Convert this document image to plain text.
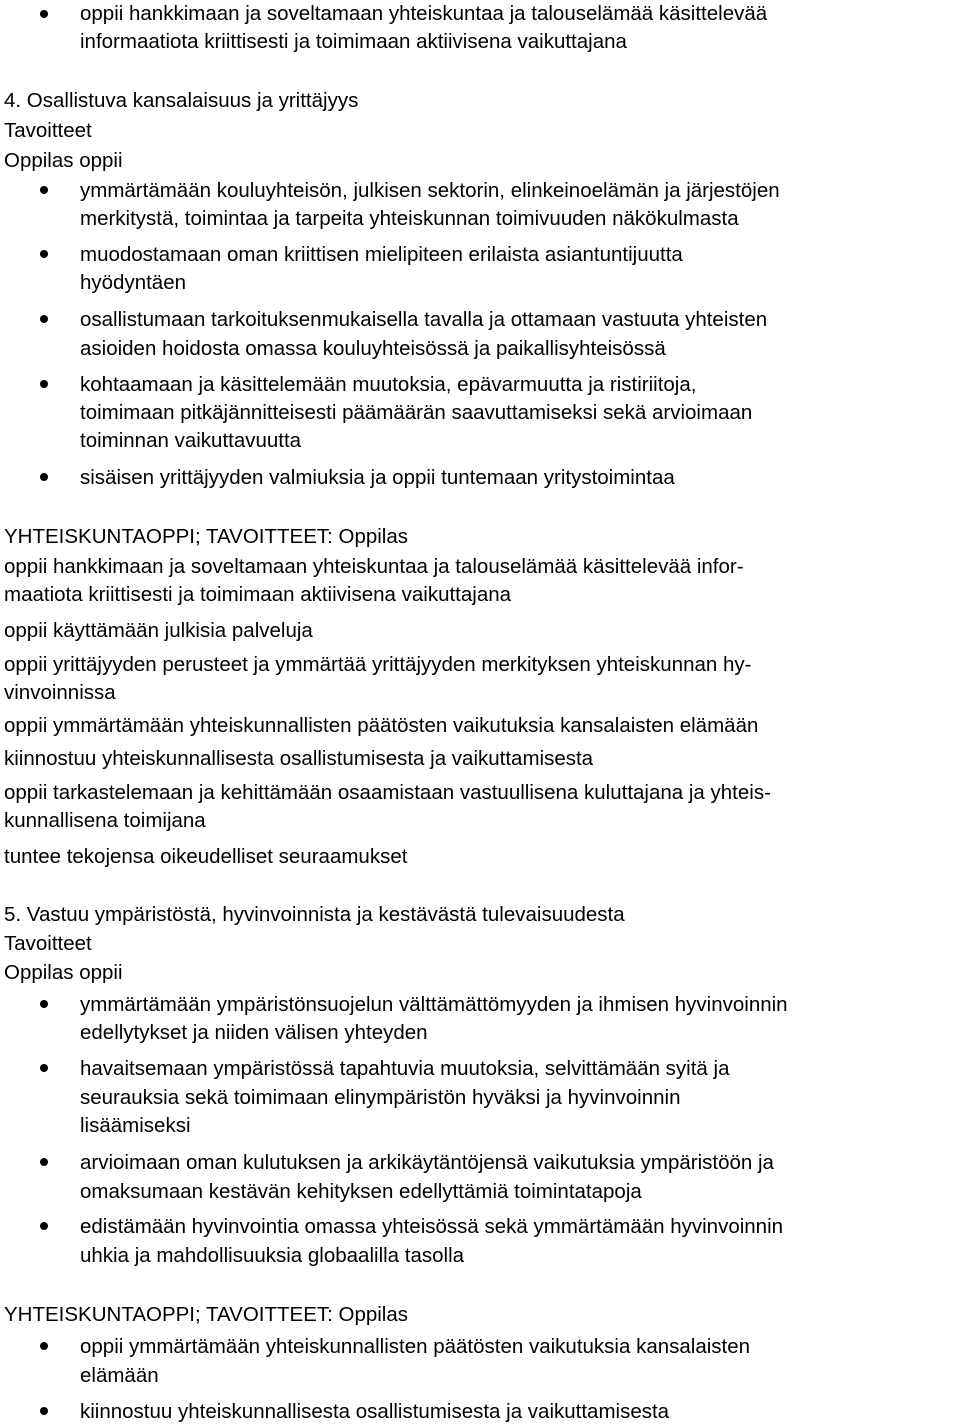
oppii hankkimaan ja soveltamaan yhteiskuntaa ja talouselämää käsittelevää
informaatiota kriittisesti ja toimimaan aktiivisena vaikuttajana
4. Osallistuva kansalaisuus ja yrittäjyys
Tavoitteet
Oppilas oppii
ymmärtämään kouluyhteisön, julkisen sektorin, elinkeinoelämän ja järjestöjen
merkitystä, toimintaa ja tarpeita yhteiskunnan toimivuuden näkökulmasta
muodostamaan oman kriittisen mielipiteen erilaista asiantuntijuutta
hyödyntäen
osallistumaan tarkoituksenmukaisella tavalla ja ottamaan vastuuta yhteisten
asioiden hoidosta omassa kouluyhteisössä ja paikallisyhteisössä
kohtaamaan ja käsittelemään muutoksia, epävarmuutta ja ristiriitoja,
toimimaan pitkäjännitteisesti päämäärän saavuttamiseksi sekä arvioimaan
toiminnan vaikuttavuutta
sisäisen yrittäjyyden valmiuksia ja oppii tuntemaan yritystoimintaa
YHTEISKUNTAOPPI; TAVOITTEET: Oppilas
oppii hankkimaan ja soveltamaan yhteiskuntaa ja talouselämää käsittelevää infor-
maatiota kriittisesti ja toimimaan aktiivisena vaikuttajana
oppii käyttämään julkisia palveluja
oppii yrittäjyyden perusteet ja ymmärtää yrittäjyyden merkityksen yhteiskunnan hy-
vinvoinnissa
oppii ymmärtämään yhteiskunnallisten päätösten vaikutuksia kansalaisten elämään
kiinnostuu yhteiskunnallisesta osallistumisesta ja vaikuttamisesta
oppii tarkastelemaan ja kehittämään osaamistaan vastuullisena kuluttajana ja yhteis-
kunnallisena toimijana
tuntee tekojensa oikeudelliset seuraamukset
5. Vastuu ympäristöstä, hyvinvoinnista ja kestävästä tulevaisuudesta
Tavoitteet
Oppilas oppii
ymmärtämään ympäristönsuojelun välttämättömyyden ja ihmisen hyvinvoinnin
edellytykset ja niiden välisen yhteyden
havaitsemaan ympäristössä tapahtuvia muutoksia, selvittämään syitä ja
seurauksia sekä toimimaan elinympäristön hyväksi ja hyvinvoinnin
lisäämiseksi
arvioimaan oman kulutuksen ja arkikäytäntöjensä vaikutuksia ympäristöön ja
omaksumaan kestävän kehityksen edellyttämiä toimintatapoja
edistämään hyvinvointia omassa yhteisössä sekä ymmärtämään hyvinvoinnin
uhkia ja mahdollisuuksia globaalilla tasolla
YHTEISKUNTAOPPI; TAVOITTEET: Oppilas
oppii ymmärtämään yhteiskunnallisten päätösten vaikutuksia kansalaisten
elämään
kiinnostuu yhteiskunnallisesta osallistumisesta ja vaikuttamisesta
